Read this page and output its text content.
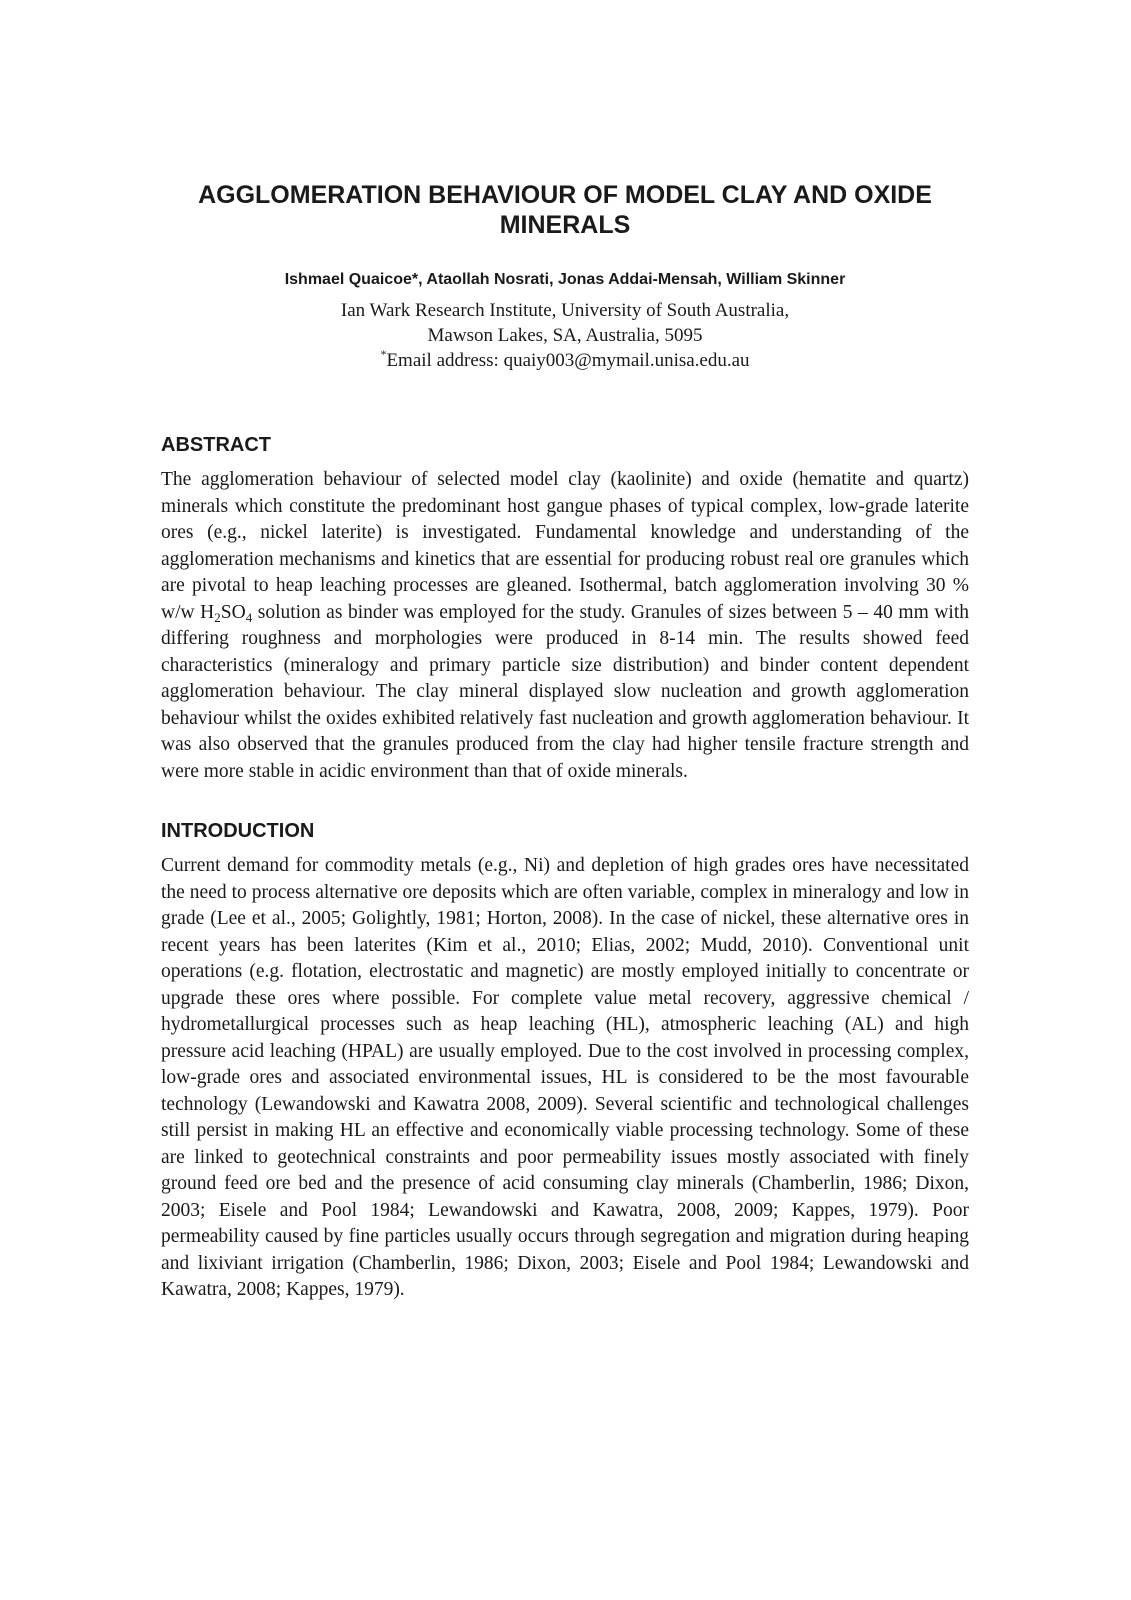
AGGLOMERATION BEHAVIOUR OF MODEL CLAY AND OXIDE
MINERALS

Ishmael Quaicoe*, Ataollah Nosrati, Jonas Addai-Mensah, William Skinner

Ian Wark Research Institute, University of South Australia,
Mawson Lakes, SA, Australia, 5095
*Email address: quaiy003@mymail.unisa.edu.au
ABSTRACT

The agglomeration behaviour of selected model clay (kaolinite) and oxide (hematite and quartz) minerals which constitute the predominant host gangue phases of typical complex, low-grade laterite ores (e.g., nickel laterite) is investigated. Fundamental knowledge and understanding of the agglomeration mechanisms and kinetics that are essential for producing robust real ore granules which are pivotal to heap leaching processes are gleaned. Isothermal, batch agglomeration involving 30 % w/w $H_2SO_4$ solution as binder was employed for the study. Granules of sizes between 5 – 40 mm with differing roughness and morphologies were produced in 8-14 min. The results showed feed characteristics (mineralogy and primary particle size distribution) and binder content dependent agglomeration behaviour. The clay mineral displayed slow nucleation and growth agglomeration behaviour whilst the oxides exhibited relatively fast nucleation and growth agglomeration behaviour. It was also observed that the granules produced from the clay had higher tensile fracture strength and were more stable in acidic environment than that of oxide minerals.

INTRODUCTION

Current demand for commodity metals (e.g., Ni) and depletion of high grades ores have necessitated the need to process alternative ore deposits which are often variable, complex in mineralogy and low in grade (Lee et al., 2005; Golightly, 1981; Horton, 2008). In the case of nickel, these alternative ores in recent years has been laterites (Kim et al., 2010; Elias, 2002; Mudd, 2010). Conventional unit operations (e.g. flotation, electrostatic and magnetic) are mostly employed initially to concentrate or upgrade these ores where possible. For complete value metal recovery, aggressive chemical / hydrometallurgical processes such as heap leaching (HL), atmospheric leaching (AL) and high pressure acid leaching (HPAL) are usually employed. Due to the cost involved in processing complex, low-grade ores and associated environmental issues, HL is considered to be the most favourable technology (Lewandowski and Kawatra 2008, 2009). Several scientific and technological challenges still persist in making HL an effective and economically viable processing technology. Some of these are linked to geotechnical constraints and poor permeability issues mostly associated with finely ground feed ore bed and the presence of acid consuming clay minerals (Chamberlin, 1986; Dixon, 2003; Eisele and Pool 1984; Lewandowski and Kawatra, 2008, 2009; Kappes, 1979). Poor permeability caused by fine particles usually occurs through segregation and migration during heaping and lixiviant irrigation (Chamberlin, 1986; Dixon, 2003; Eisele and Pool 1984; Lewandowski and Kawatra, 2008; Kappes, 1979).
